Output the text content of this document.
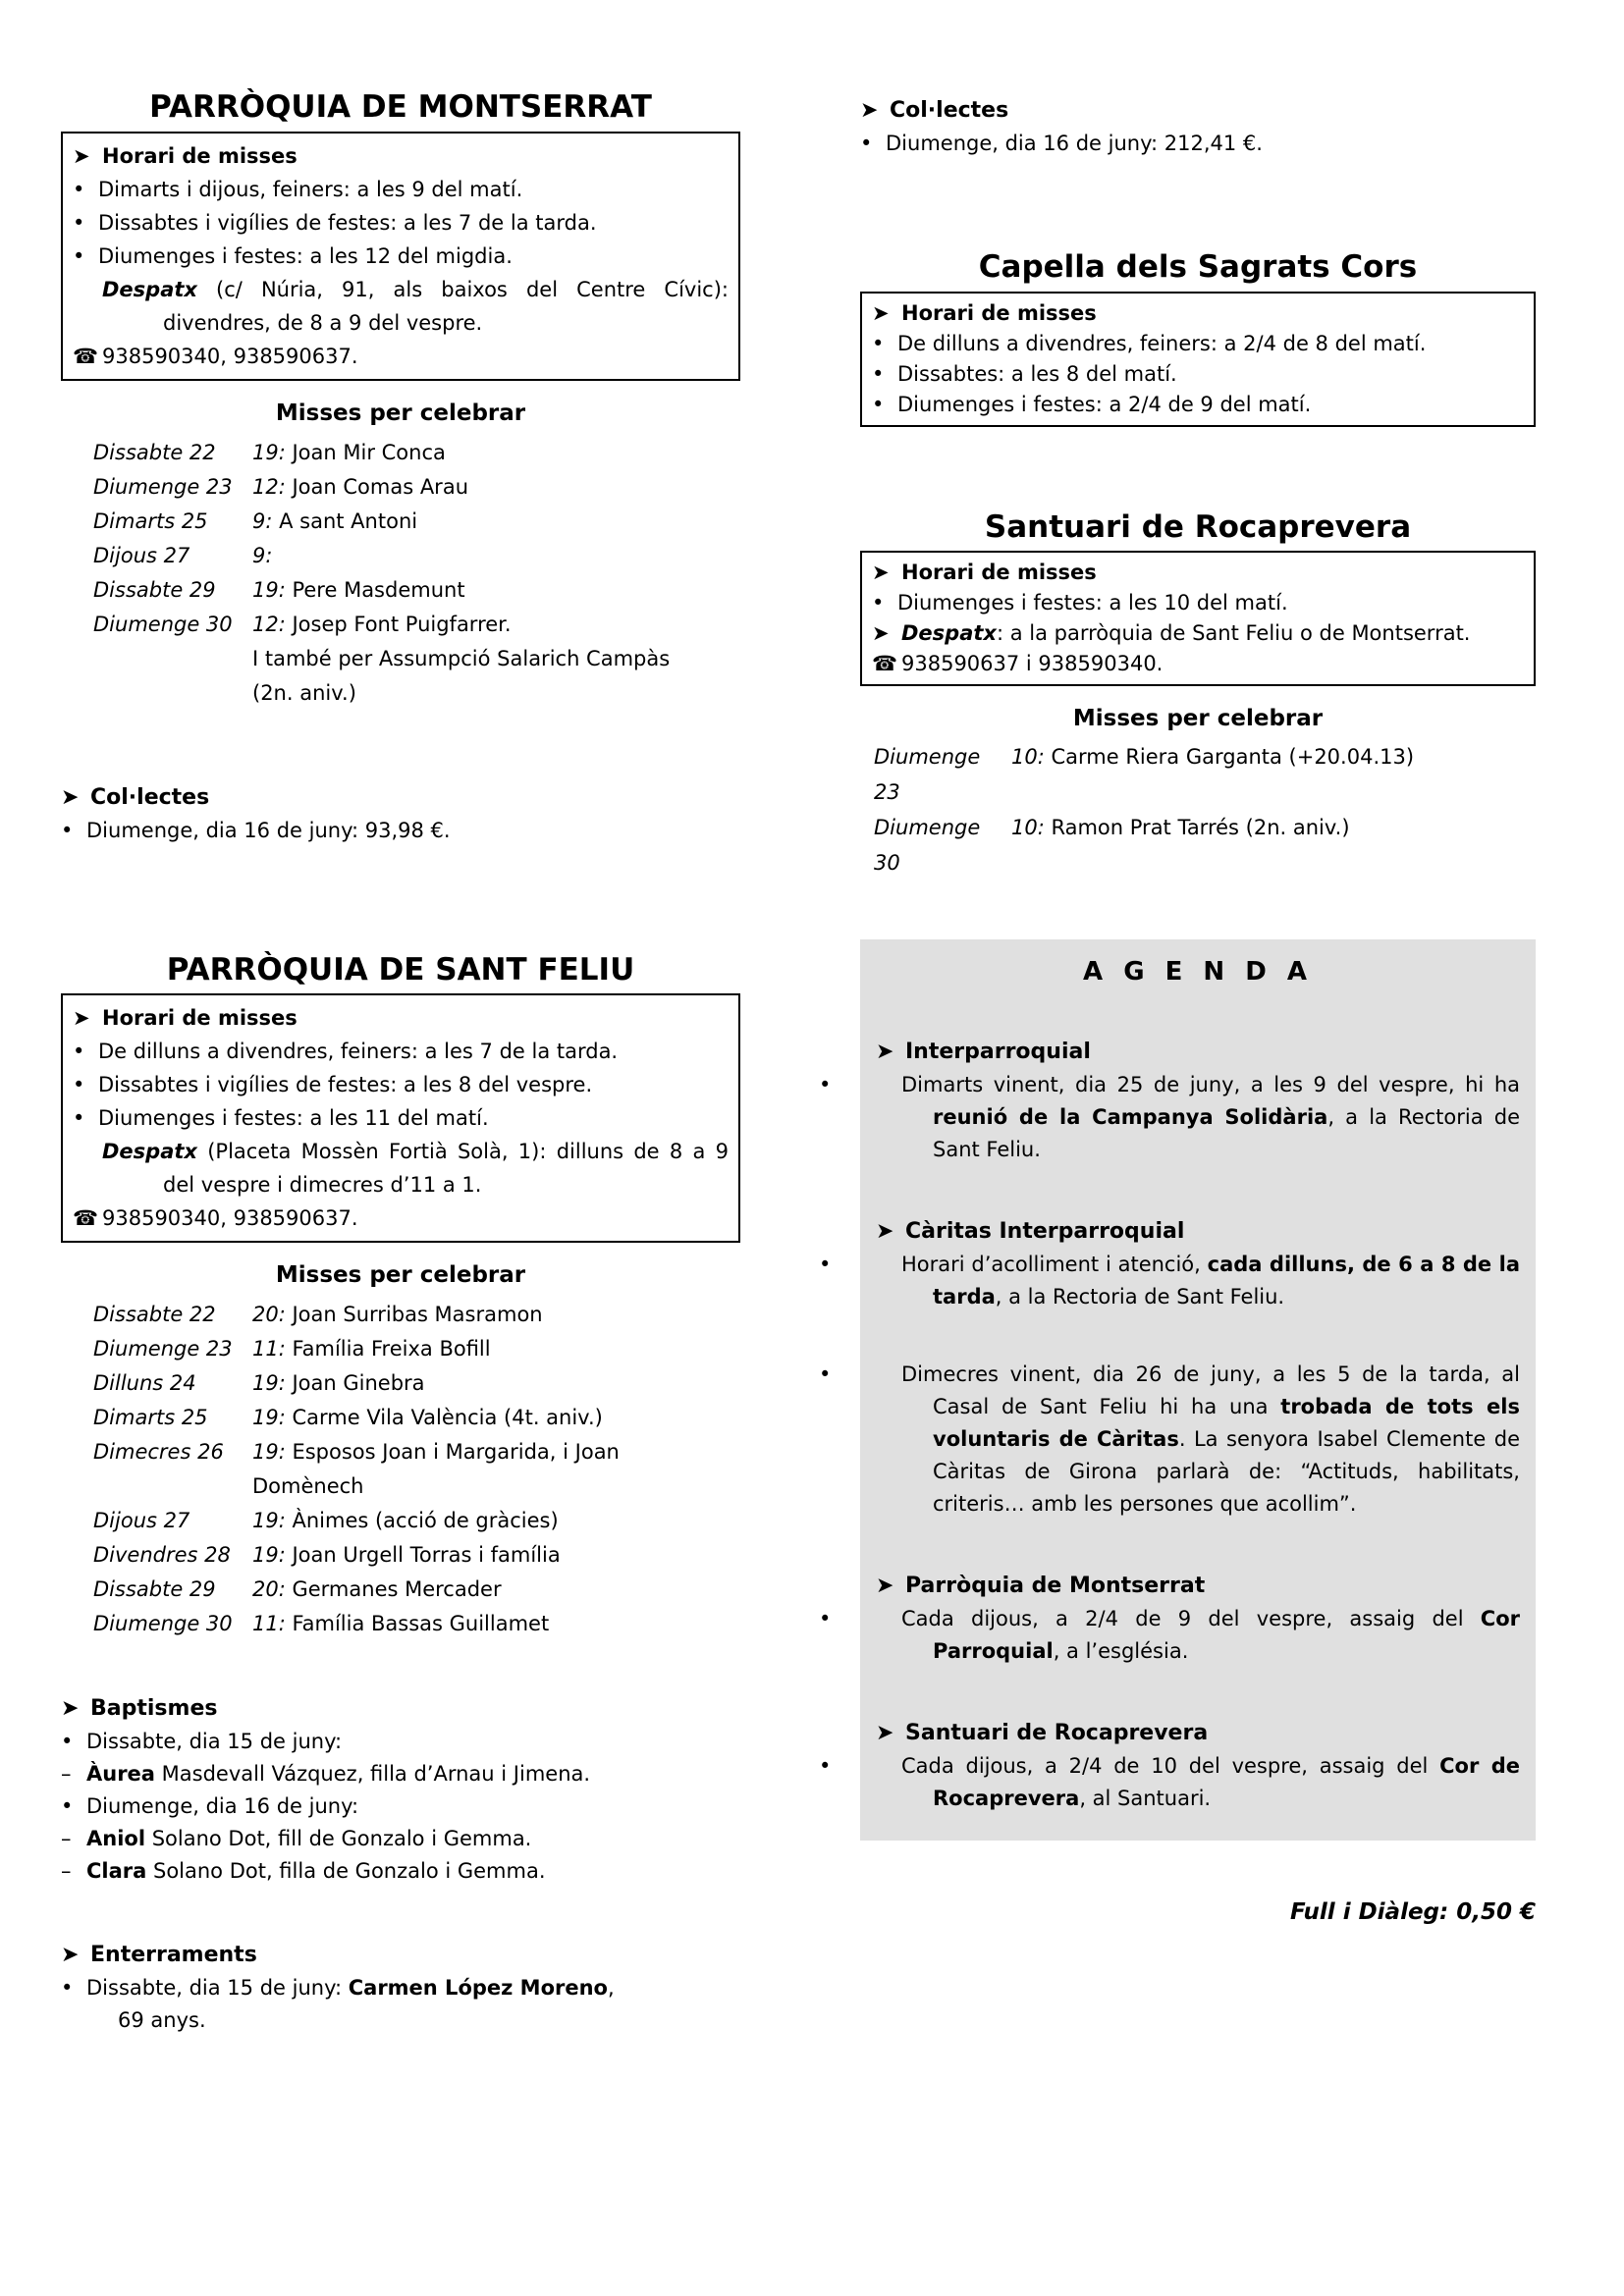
PARRÒQUIA DE MONTSERRAT
➤ Horari de misses
• Dimarts i dijous, feiners: a les 9 del matí.
• Dissabtes i vigílies de festes: a les 7 de la tarda.
• Diumenges i festes: a les 12 del migdia.
Despatx (c/ Núria, 91, als baixos del Centre Cívic): divendres, de 8 a 9 del vespre.
☎ 938590340, 938590637.
Misses per celebrar
Dissabte 22	19: Joan Mir Conca
Diumenge 23 12: Joan Comas Arau
Dimarts 25	9: A sant Antoni
Dijous 27	9:
Dissabte 29	19: Pere Masdemunt
Diumenge 30 12: Josep Font Puigfarrer.
I també per Assumpció Salarich Campàs
(2n. aniv.)
➤ Col·lectes
• Diumenge, dia 16 de juny: 93,98 €.
PARRÒQUIA DE SANT FELIU
➤ Horari de misses
• De dilluns a divendres, feiners: a les 7 de la tarda.
• Dissabtes i vigílies de festes: a les 8 del vespre.
• Diumenges i festes: a les 11 del matí.
Despatx (Placeta Mossèn Fortià Solà, 1): dilluns de 8 a 9 del vespre i dimecres d’11 a 1.
☎ 938590340, 938590637.
Misses per celebrar
Dissabte 22	20: Joan Surribas Masramon
Diumenge 23 11: Família Freixa Bofill
Dilluns 24	19: Joan Ginebra
Dimarts 25	19: Carme Vila València (4t. aniv.)
Dimecres 26	19: Esposos Joan i Margarida, i Joan
Domènech
Dijous 27	19: Ànimes (acció de gràcies)
Divendres 28	19: Joan Urgell Torras i família
Dissabte 29	20: Germanes Mercader
Diumenge 30 11: Família Bassas Guillamet
➤ Baptismes
• Dissabte, dia 15 de juny:
– Àurea Masdevall Vázquez, filla d’Arnau i Jimena.
• Diumenge, dia 16 de juny:
– Aniol Solano Dot, fill de Gonzalo i Gemma.
– Clara Solano Dot, filla de Gonzalo i Gemma.
➤ Enterraments
• Dissabte, dia 15 de juny: Carmen López Moreno,
69 anys.
➤ Col·lectes
• Diumenge, dia 16 de juny: 212,41 €.
Capella dels Sagrats Cors
➤ Horari de misses
• De dilluns a divendres, feiners: a 2/4 de 8 del matí.
• Dissabtes: a les 8 del matí.
• Diumenges i festes: a 2/4 de 9 del matí.
Santuari de Rocaprevera
➤ Horari de misses
• Diumenges i festes: a les 10 del matí.
➤ Despatx: a la parròquia de Sant Feliu o de Montserrat.
☎ 938590637 i 938590340.
Misses per celebrar
Diumenge 23
10: Carme Riera Garganta (+20.04.13)
Diumenge 30
10: Ramon Prat Tarrés (2n. aniv.)
A G E N D A
➤ Interparroquial
•	Dimarts vinent, dia 25 de juny, a les 9 del vespre, hi ha reunió de la Campanya Solidària, a la Rectoria de Sant Feliu.
➤ Càritas Interparroquial
•	Horari d’acolliment i atenció, cada dilluns, de 6 a 8 de la tarda, a la Rectoria de Sant Feliu.
•	Dimecres vinent, dia 26 de juny, a les 5 de la tarda, al Casal de Sant Feliu hi ha una trobada de tots els voluntaris de Càritas. La senyora Isabel Clemente de Càritas de Girona parlarà de: “Actituds, habilitats, criteris… amb les persones que acollim”.
➤ Parròquia de Montserrat
•	Cada dijous, a 2/4 de 9 del vespre, assaig del Cor Parroquial, a l’església.
➤ Santuari de Rocaprevera
•	Cada dijous, a 2/4 de 10 del vespre, assaig del Cor de Rocaprevera, al Santuari.
Full i Diàleg: 0,50 €
